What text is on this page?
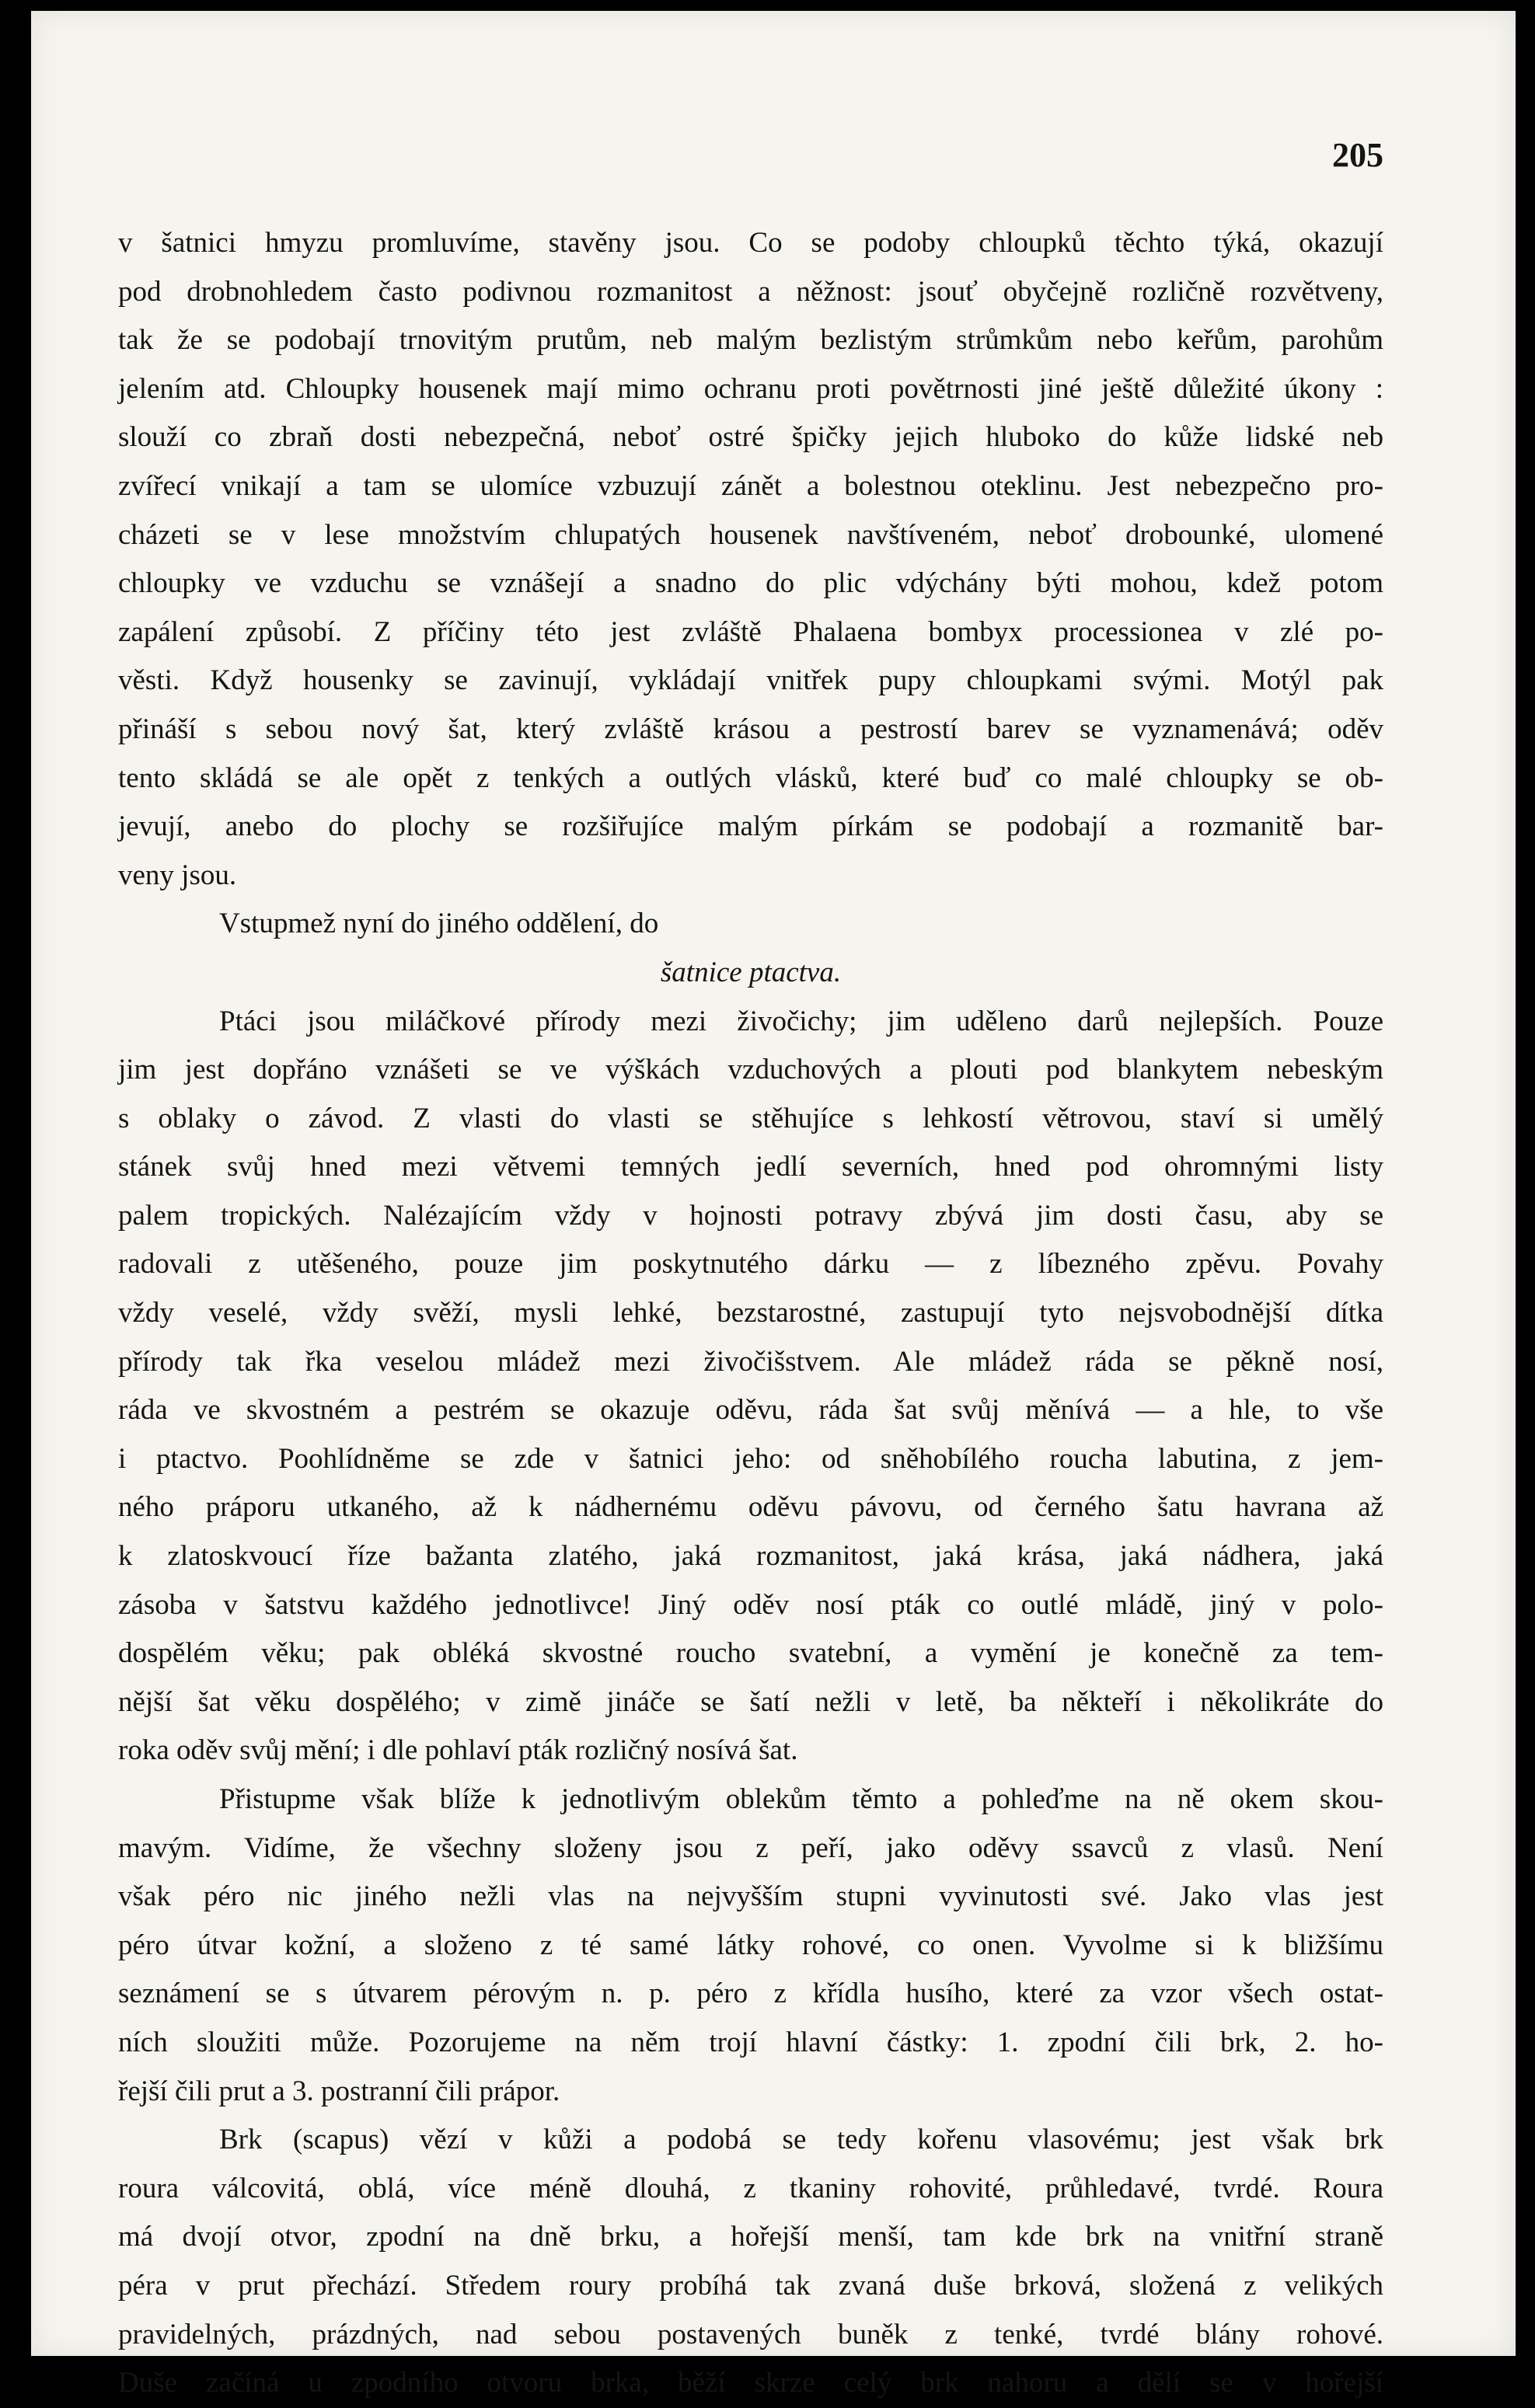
205
v šatnici hmyzu promluvíme, stavěny jsou. Co se podoby chloupků těchto týká, okazují
pod drobnohledem často podivnou rozmanitost a něžnost: jsouť obyčejně rozličně rozvětveny,
tak že se podobají trnovitým prutům, neb malým bezlistým strůmkům nebo keřům, parohům
jelením atd. Chloupky housenek mají mimo ochranu proti povětrnosti jiné ještě důležité úkony :
slouží co zbraň dosti nebezpečná, neboť ostré špičky jejich hluboko do kůže lidské neb
zvířecí vnikají a tam se ulomíce vzbuzují zánět a bolestnou oteklinu. Jest nebezpečno pro-
cházeti se v lese množstvím chlupatých housenek navštíveném, neboť drobounké, ulomené
chloupky ve vzduchu se vznášejí a snadno do plic vdýchány býti mohou, kdež potom
zapálení způsobí. Z příčiny této jest zvláště Phalaena bombyx processionea v zlé po-
věsti. Když housenky se zavinují, vykládají vnitřek pupy chloupkami svými. Motýl pak
přináší s sebou nový šat, který zvláště krásou a pestrostí barev se vyznamenává; oděv
tento skládá se ale opět z tenkých a outlých vlásků, které buď co malé chloupky se ob-
jevují, anebo do plochy se rozšiřujíce malým pírkám se podobají a rozmanitě bar-
veny jsou.
Vstupmež nyní do jiného oddělení, do
šatnice ptactva.
Ptáci jsou miláčkové přírody mezi živočichy; jim uděleno darů nejlepších. Pouze
jim jest dopřáno vznášeti se ve výškách vzduchových a plouti pod blankytem nebeským
s oblaky o závod. Z vlasti do vlasti se stěhujíce s lehkostí větrovou, staví si umělý
stánek svůj hned mezi větvemi temných jedlí severních, hned pod ohromnými listy
palem tropických. Nalézajícím vždy v hojnosti potravy zbývá jim dosti času, aby se
radovali z utěšeného, pouze jim poskytnutého dárku — z líbezného zpěvu. Povahy
vždy veselé, vždy svěží, mysli lehké, bezstarostné, zastupují tyto nejsvobodnější dítka
přírody tak řka veselou mládež mezi živočišstvem. Ale mládež ráda se pěkně nosí,
ráda ve skvostném a pestrém se okazuje oděvu, ráda šat svůj měnívá — a hle, to vše
i ptactvo. Poohlídněme se zde v šatnici jeho: od sněhobílého roucha labutina, z jem-
ného práporu utkaného, až k nádhernému oděvu pávovu, od černého šatu havrana až
k zlatoskvoucí říze bažanta zlatého, jaká rozmanitost, jaká krása, jaká nádhera, jaká
zásoba v šatstvu každého jednotlivce! Jiný oděv nosí pták co outlé mládě, jiný v polo-
dospělém věku; pak obléká skvostné roucho svatební, a vymění je konečně za tem-
nější šat věku dospělého; v zimě jináče se šatí nežli v letě, ba někteří i několikráte do
roka oděv svůj mění; i dle pohlaví pták rozličný nosívá šat.
Přistupme však blíže k jednotlivým oblekům těmto a pohleďme na ně okem skou-
mavým. Vidíme, že všechny složeny jsou z peří, jako oděvy ssavců z vlasů. Není
však péro nic jiného nežli vlas na nejvyšším stupni vyvinutosti své. Jako vlas jest
péro útvar kožní, a složeno z té samé látky rohové, co onen. Vyvolme si k bližšímu
seznámení se s útvarem pérovým n. p. péro z křídla husího, které za vzor všech ostat-
ních sloužiti může. Pozorujeme na něm trojí hlavní částky: 1. zpodní čili brk, 2. ho-
řejší čili prut a 3. postranní čili prápor.
Brk (scapus) vězí v kůži a podobá se tedy kořenu vlasovému; jest však brk
roura válcovitá, oblá, více méně dlouhá, z tkaniny rohovité, průhledavé, tvrdé. Roura
má dvojí otvor, zpodní na dně brku, a hořejší menší, tam kde brk na vnitřní straně
péra v prut přechází. Středem roury probíhá tak zvaná duše brková, složená z velikých
pravidelných, prázdných, nad sebou postavených buněk z tenké, tvrdé blány rohové.
Duše začíná u zpodního otvoru brka, běží skrze celý brk nahoru a dělí se v hořejší
